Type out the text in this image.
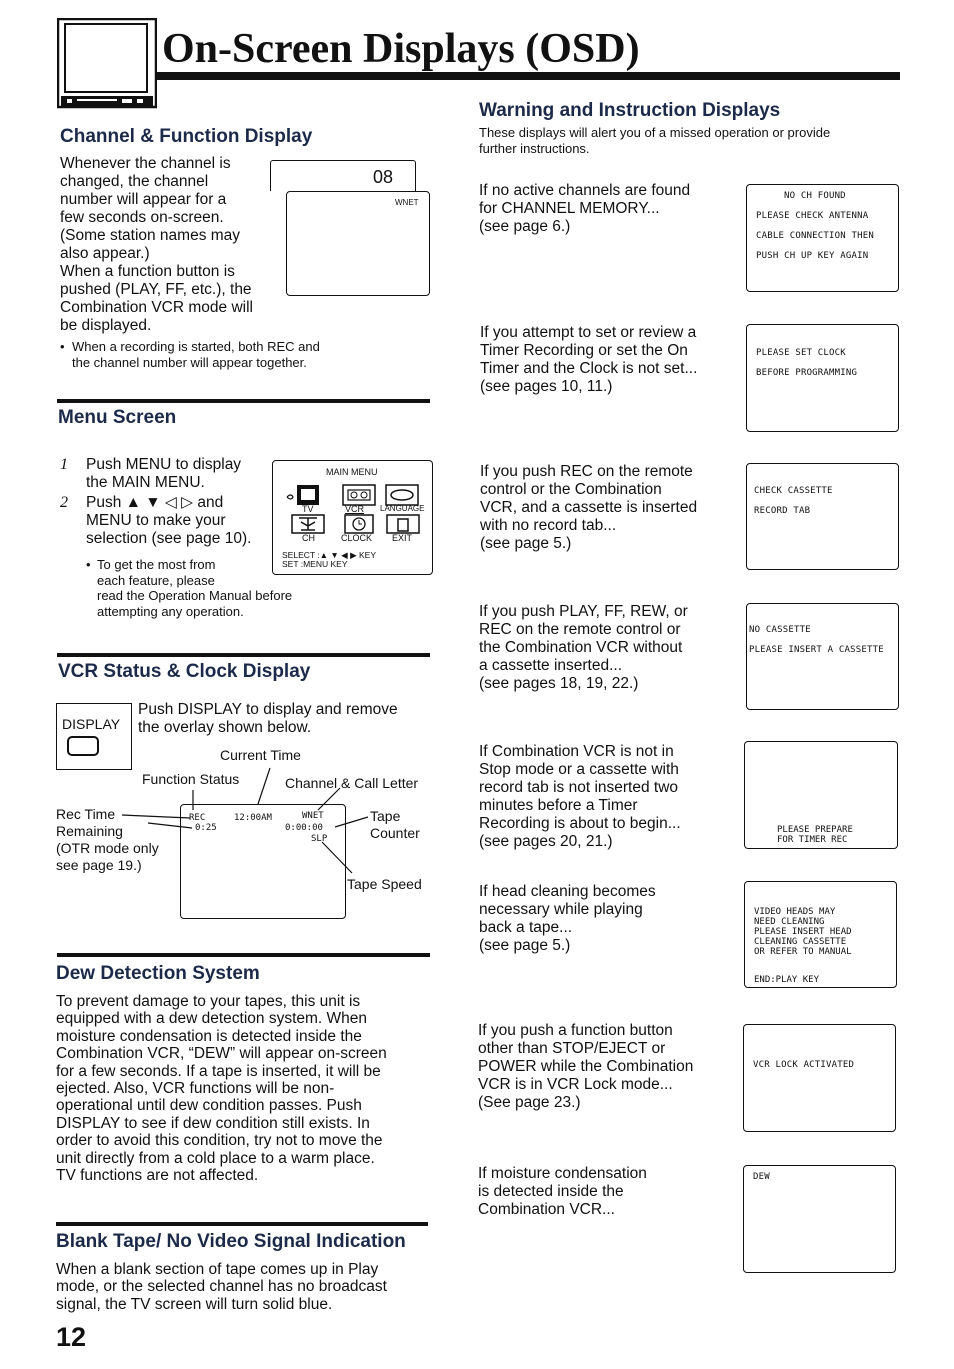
On-Screen Displays (OSD)
Channel & Function Display
Whenever the channel is
changed, the channel
number will appear for a
few seconds on-screen.
(Some station names may
also appear.)
When a function button is
pushed (PLAY, FF, etc.), the
Combination VCR mode will
be displayed.
08
WNET
• When a recording is started, both REC and
the channel number will appear together.
Menu Screen
1 Push MENU to display
the MAIN MENU.
2 Push ▲ ▼ ◁ ▷ and
MENU to make your
selection (see page 10).
• To get the most from
each feature, please
read the Operation Manual before
attempting any operation.
MAIN MENU
TV	VCR LANGUAGE
CH	CLOCK EXIT
SELECT :▲ ▼ ◀ ▶ KEY
SET :MENU KEY
VCR Status & Clock Display
DISPLAY
Push DISPLAY to display and remove
the overlay shown below.
Current Time
Function Status	Channel & Call Letter
Rec Time
Remaining
(OTR mode only
see page 19.)
Tape
Counter
Tape Speed
REC	12:00AM	WNET
0:25	0:00:00
SLP
Dew Detection System
To prevent damage to your tapes, this unit is
equipped with a dew detection system. When
moisture condensation is detected inside the
Combination VCR, “DEW” will appear on-screen
for a few seconds. If a tape is inserted, it will be
ejected. Also, VCR functions will be non-
operational until dew condition passes. Push
DISPLAY to see if dew condition still exists. In
order to avoid this condition, try not to move the
unit directly from a cold place to a warm place.
TV functions are not affected.
Blank Tape/ No Video Signal Indication
When a blank section of tape comes up in Play
mode, or the selected channel has no broadcast
signal, the TV screen will turn solid blue.
12
Warning and Instruction Displays
These displays will alert you of a missed operation or provide
further instructions.
If no active channels are found
for CHANNEL MEMORY...
(see page 6.)
NO CH FOUND
PLEASE CHECK ANTENNA
CABLE CONNECTION THEN
PUSH CH UP KEY AGAIN
If you attempt to set or review a
Timer Recording or set the On
Timer and the Clock is not set...
(see pages 10, 11.)
PLEASE SET CLOCK
BEFORE PROGRAMMING
If you push REC on the remote
control or the Combination
VCR, and a cassette is inserted
with no record tab...
(see page 5.)
CHECK CASSETTE
RECORD TAB
If you push PLAY, FF, REW, or
REC on the remote control or
the Combination VCR without
a cassette inserted...
(see pages 18, 19, 22.)
NO CASSETTE
PLEASE INSERT A CASSETTE
If Combination VCR is not in
Stop mode or a cassette with
record tab is not inserted two
minutes before a Timer
Recording is about to begin...
(see pages 20, 21.)
PLEASE PREPARE
FOR TIMER REC
If head cleaning becomes
necessary while playing
back a tape...
(see page 5.)
VIDEO HEADS MAY
NEED CLEANING
PLEASE INSERT HEAD
CLEANING CASSETTE
OR REFER TO MANUAL
END:PLAY KEY
If you push a function button
other than STOP/EJECT or
POWER while the Combination
VCR is in VCR Lock mode...
(See page 23.)
VCR LOCK ACTIVATED
If moisture condensation
is detected inside the
Combination VCR...
DEW
